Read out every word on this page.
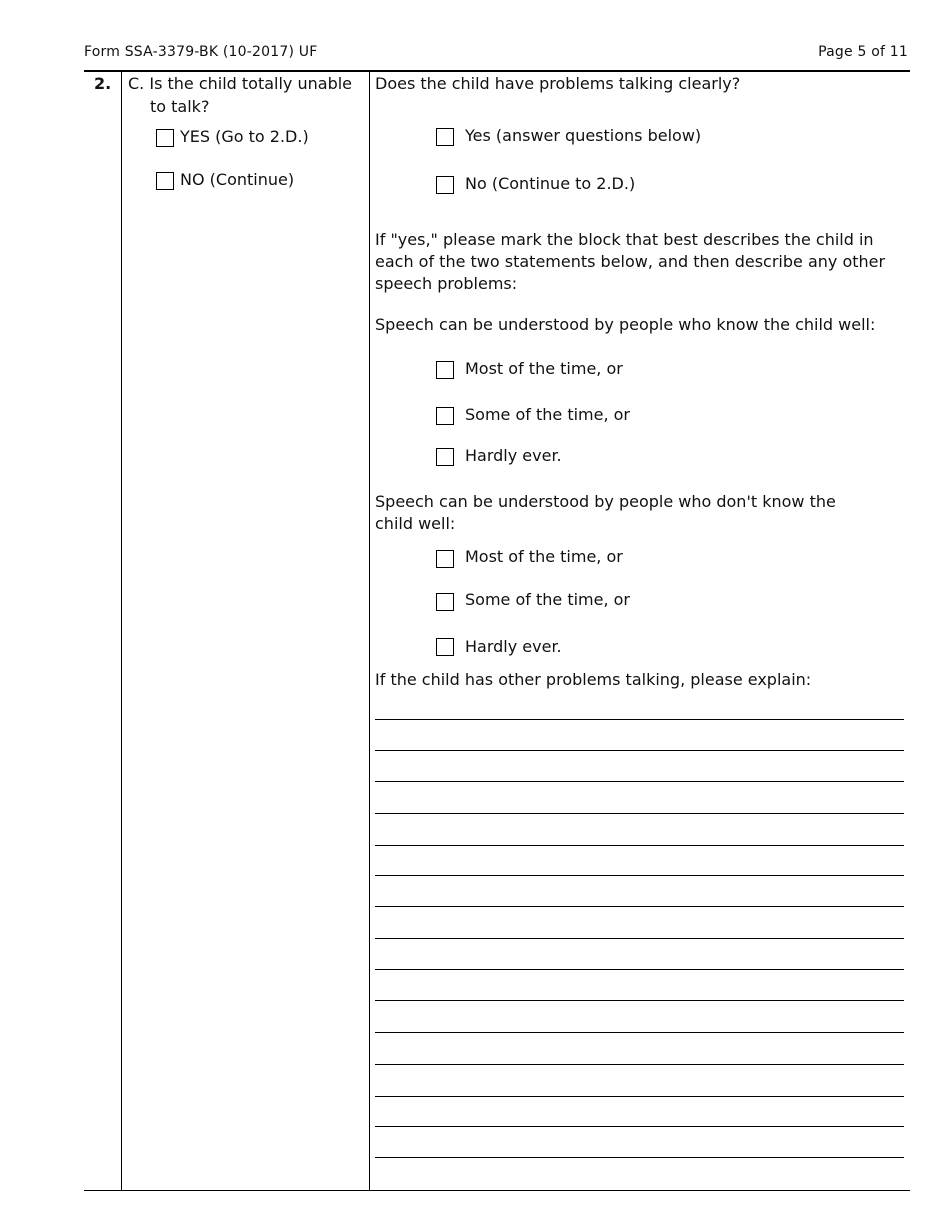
Form SSA-3379-BK (10-2017) UF	Page 5 of 11
2. C. Is the child totally unable
to talk?
YES (Go to 2.D.)
NO (Continue)
Does the child have problems talking clearly?
Yes (answer questions below)
No (Continue to 2.D.)
If "yes," please mark the block that best describes the child in each of the two statements below, and then describe any other speech problems:
Speech can be understood by people who know the child well:
Most of the time, or
Some of the time, or
Hardly ever.
Speech can be understood by people who don't know the child well:
Most of the time, or
Some of the time, or
Hardly ever.
If the child has other problems talking, please explain:
